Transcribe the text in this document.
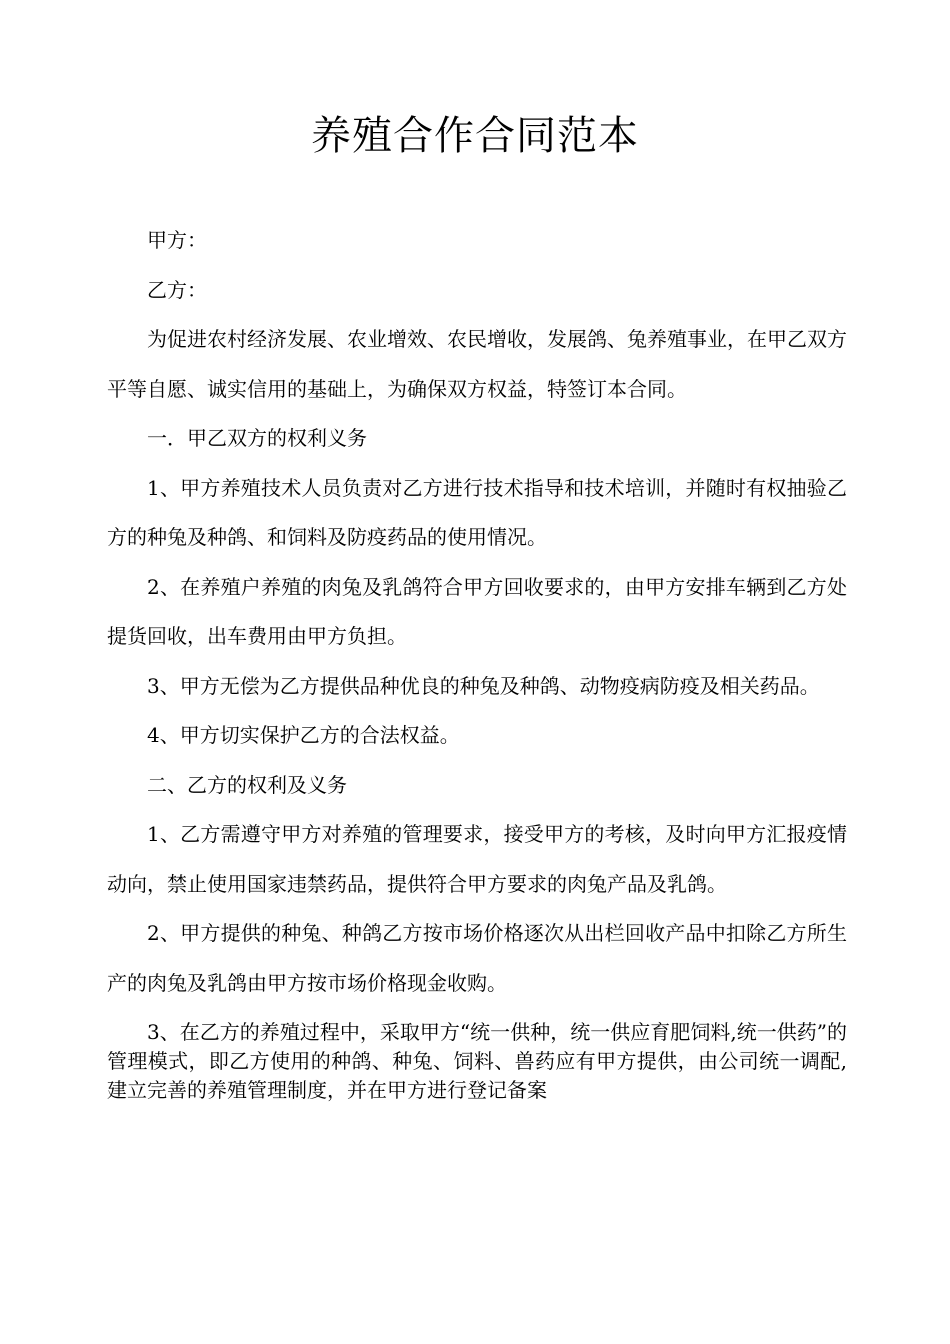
养殖合作合同范本

甲方：

乙方：

为促进农村经济发展、农业增效、农民增收，发展鸽、兔养殖事业，在甲乙双方平等自愿、诚实信用的基础上，为确保双方权益，特签订本合同。

一．甲乙双方的权利义务

1、甲方养殖技术人员负责对乙方进行技术指导和技术培训，并随时有权抽验乙方的种兔及种鸽、和饲料及防疫药品的使用情况。

2、在养殖户养殖的肉兔及乳鸽符合甲方回收要求的，由甲方安排车辆到乙方处提货回收，出车费用由甲方负担。

3、甲方无偿为乙方提供品种优良的种兔及种鸽、动物疫病防疫及相关药品。

4、甲方切实保护乙方的合法权益。

二、乙方的权利及义务

1、乙方需遵守甲方对养殖的管理要求，接受甲方的考核，及时向甲方汇报疫情动向，禁止使用国家违禁药品，提供符合甲方要求的肉兔产品及乳鸽。

2、甲方提供的种兔、种鸽乙方按市场价格逐次从出栏回收产品中扣除乙方所生产的肉兔及乳鸽由甲方按市场价格现金收购。

3、在乙方的养殖过程中，采取甲方“统一供种，统一供应育肥饲料,统一供药”的管理模式，即乙方使用的种鸽、种兔、饲料、兽药应有甲方提供，由公司统一调配,建立完善的养殖管理制度，并在甲方进行登记备案
